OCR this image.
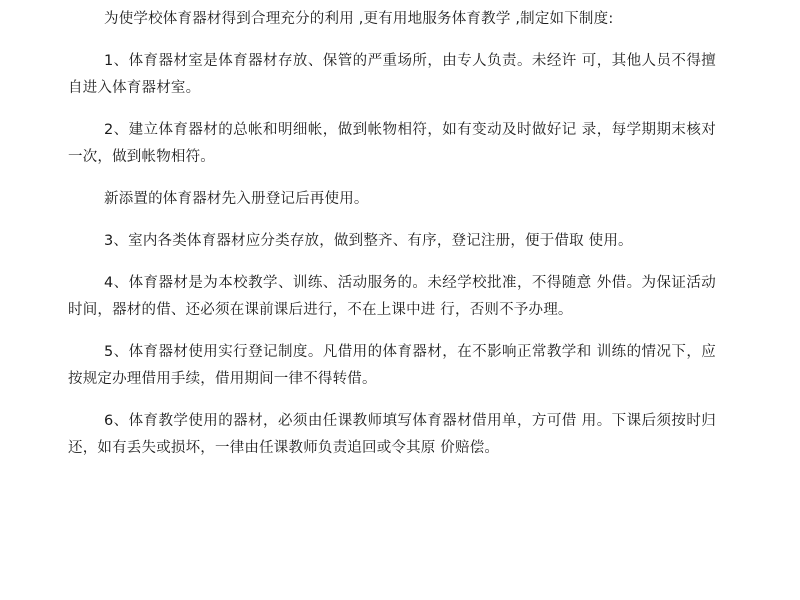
为使学校体育器材得到合理充分的利用 ,更有用地服务体育教学 ,制定如下制度:

1、体育器材室是体育器材存放、保管的严重场所，由专人负责。未经许 可，其他人员不得擅自进入体育器材室。

2、建立体育器材的总帐和明细帐，做到帐物相符，如有变动及时做好记 录，每学期期末核对一次，做到帐物相符。

新添置的体育器材先入册登记后再使用。

3、室内各类体育器材应分类存放，做到整齐、有序，登记注册，便于借取 使用。

4、体育器材是为本校教学、训练、活动服务的。未经学校批准，不得随意 外借。为保证活动时间，器材的借、还必须在课前课后进行，不在上课中进 行，否则不予办理。

5、体育器材使用实行登记制度。凡借用的体育器材，在不影响正常教学和 训练的情况下，应按规定办理借用手续，借用期间一律不得转借。

6、体育教学使用的器材，必须由任课教师填写体育器材借用单，方可借 用。下课后须按时归还，如有丢失或损坏，一律由任课教师负责追回或令其原 价赔偿。
